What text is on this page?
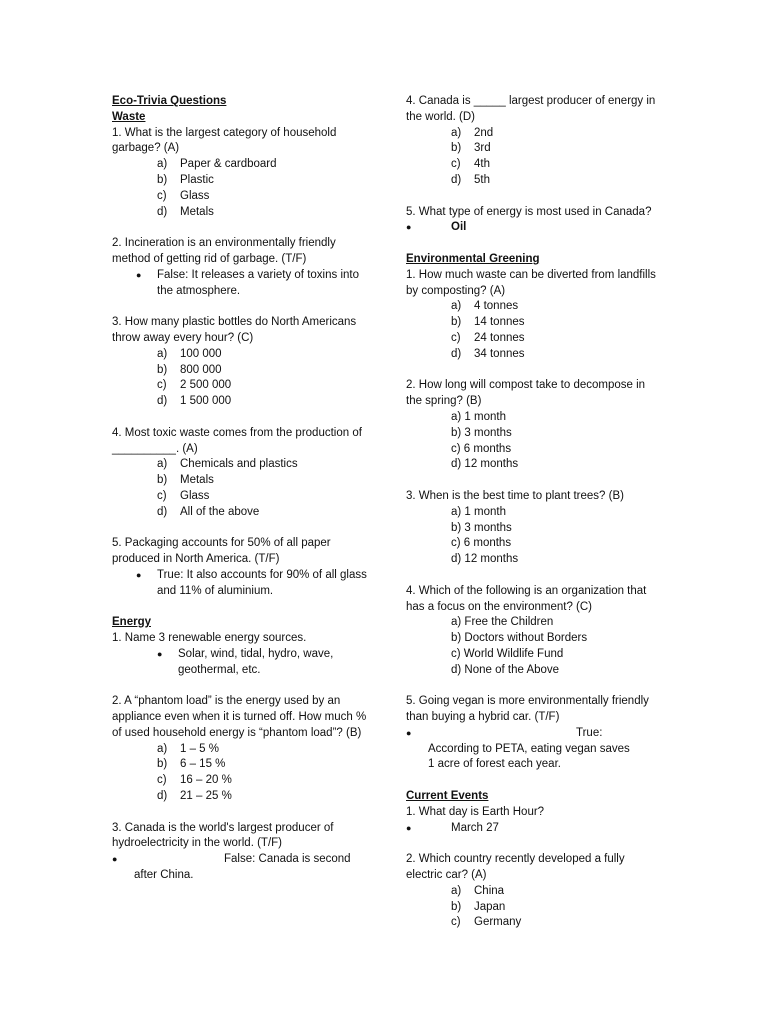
Eco-Trivia Questions
Waste
1. What is the largest category of household garbage? (A)
a)	Paper & cardboard
b)	Plastic
c)	Glass
d)	Metals
2. Incineration is an environmentally friendly method of getting rid of garbage. (T/F)
●	False: It releases a variety of toxins into the atmosphere.
3. How many plastic bottles do North Americans throw away every hour? (C)
a)	100 000
b)	800 000
c)	2 500 000
d)	1 500 000
4. Most toxic waste comes from the production of __________. (A)
a)	Chemicals and plastics
b)	Metals
c)	Glass
d)	All of the above
5. Packaging accounts for 50% of all paper produced in North America. (T/F)
●	True: It also accounts for 90% of all glass and 11% of aluminium.
Energy
1. Name 3 renewable energy sources.
●	Solar, wind, tidal, hydro, wave, geothermal, etc.
2. A “phantom load” is the energy used by an appliance even when it is turned off. How much % of used household energy is “phantom load”? (B)
a)	1 – 5 %
b)	6 – 15 %
c)	16 – 20 %
d)	21 – 25 %
3. Canada is the world's largest producer of hydroelectricity in the world. (T/F)
●	False: Canada is second
after China.
4. Canada is _____ largest producer of energy in the world. (D)
a)	2nd
b)	3rd
c)	4th
d)	5th
5. What type of energy is most used in Canada?
●	Oil
Environmental Greening
1. How much waste can be diverted from landfills by composting? (A)
a)	4 tonnes
b)	14 tonnes
c)	24 tonnes
d)	34 tonnes
2. How long will compost take to decompose in the spring? (B)
a) 1 month
b) 3 months
c) 6 months
d) 12 months
3. When is the best time to plant trees? (B)
a) 1 month
b) 3 months
c) 6 months
d) 12 months
4. Which of the following is an organization that has a focus on the environment? (C)
a) Free the Children
b) Doctors without Borders
c) World Wildlife Fund
d) None of the Above
5. Going vegan is more environmentally friendly than buying a hybrid car. (T/F)
●	True:
According to PETA, eating vegan saves 1 acre of forest each year.
Current Events
1. What day is Earth Hour?
●	March 27
2. Which country recently developed a fully electric car? (A)
a)	China
b)	Japan
c)	Germany
